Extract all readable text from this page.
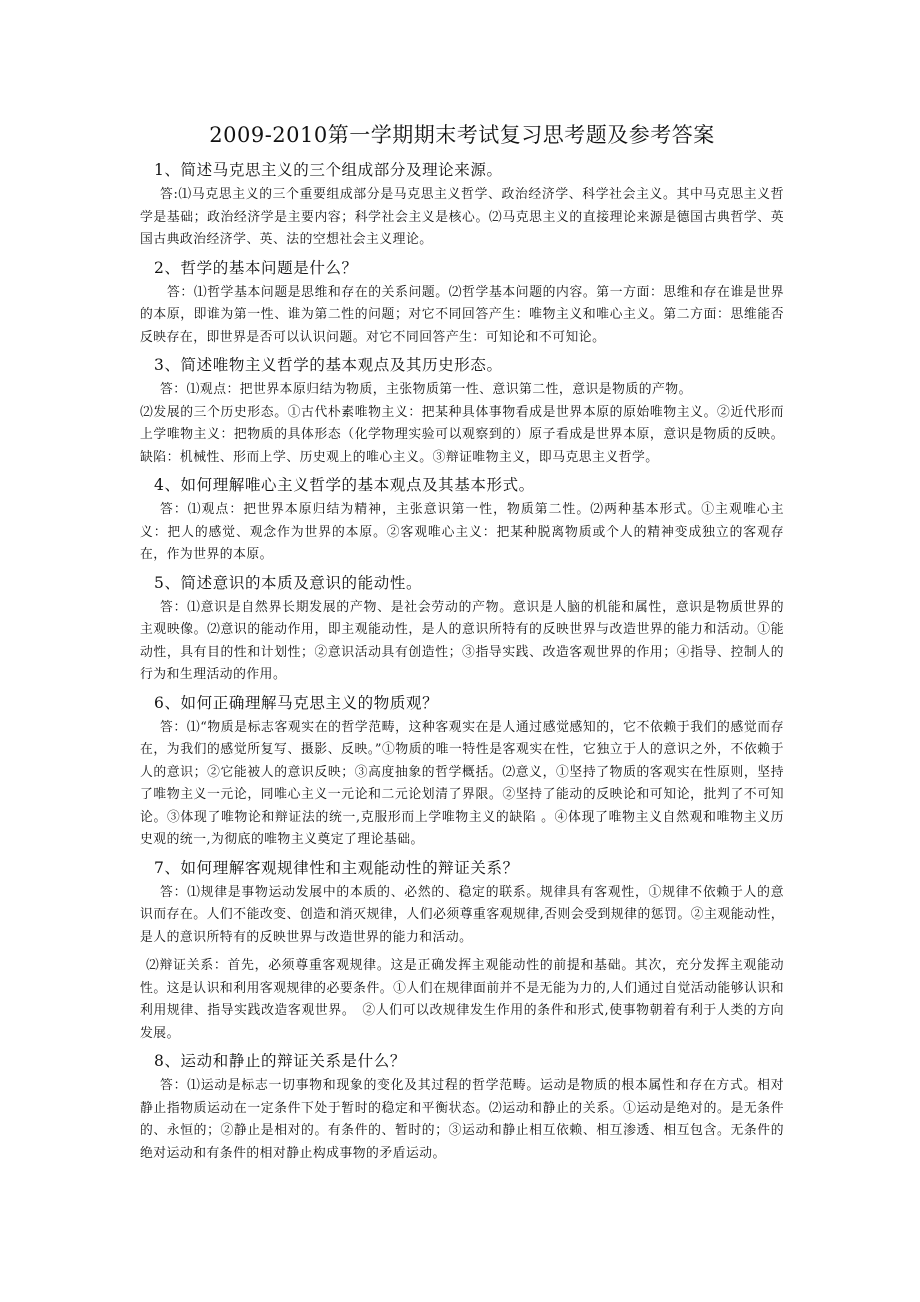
2009-2010第一学期期末考试复习思考题及参考答案

1、简述马克思主义的三个组成部分及理论来源。

答:⑴马克思主义的三个重要组成部分是马克思主义哲学、政治经济学、科学社会主义。其中马克思主义哲学是基础；政治经济学是主要内容；科学社会主义是核心。⑵马克思主义的直接理论来源是德国古典哲学、英国古典政治经济学、英、法的空想社会主义理论。

2、哲学的基本问题是什么？

答：⑴哲学基本问题是思维和存在的关系问题。⑵哲学基本问题的内容。第一方面：思维和存在谁是世界的本原，即谁为第一性、谁为第二性的问题；对它不同回答产生：唯物主义和唯心主义。第二方面：思维能否反映存在，即世界是否可以认识问题。对它不同回答产生：可知论和不可知论。

3、简述唯物主义哲学的基本观点及其历史形态。

答：⑴观点：把世界本原归结为物质，主张物质第一性、意识第二性，意识是物质的产物。

⑵发展的三个历史形态。①古代朴素唯物主义：把某种具体事物看成是世界本原的原始唯物主义。②近代形而上学唯物主义：把物质的具体形态（化学物理实验可以观察到的）原子看成是世界本原，意识是物质的反映。缺陷：机械性、形而上学、历史观上的唯心主义。③辩证唯物主义，即马克思主义哲学。

4、如何理解唯心主义哲学的基本观点及其基本形式。

答：⑴观点：把世界本原归结为精神，主张意识第一性，物质第二性。⑵两种基本形式。①主观唯心主义：把人的感觉、观念作为世界的本原。②客观唯心主义：把某种脱离物质或个人的精神变成独立的客观存在，作为世界的本原。

5、简述意识的本质及意识的能动性。

答：⑴意识是自然界长期发展的产物、是社会劳动的产物。意识是人脑的机能和属性，意识是物质世界的主观映像。⑵意识的能动作用，即主观能动性，是人的意识所特有的反映世界与改造世界的能力和活动。①能动性，具有目的性和计划性；②意识活动具有创造性；③指导实践、改造客观世界的作用；④指导、控制人的行为和生理活动的作用。

6、如何正确理解马克思主义的物质观？

答：⑴“物质是标志客观实在的哲学范畴，这种客观实在是人通过感觉感知的，它不依赖于我们的感觉而存在，为我们的感觉所复写、摄影、反映。”①物质的唯一特性是客观实在性，它独立于人的意识之外，不依赖于人的意识；②它能被人的意识反映；③高度抽象的哲学概括。⑵意义，①坚持了物质的客观实在性原则，坚持了唯物主义一元论，同唯心主义一元论和二元论划清了界限。②坚持了能动的反映论和可知论，批判了不可知论。③体现了唯物论和辩证法的统一,克服形而上学唯物主义的缺陷 。④体现了唯物主义自然观和唯物主义历史观的统一,为彻底的唯物主义奠定了理论基础。

7、如何理解客观规律性和主观能动性的辩证关系？

答：⑴规律是事物运动发展中的本质的、必然的、稳定的联系。规律具有客观性，①规律不依赖于人的意识而存在。人们不能改变、创造和消灭规律，人们必须尊重客观规律,否则会受到规律的惩罚。②主观能动性，是人的意识所特有的反映世界与改造世界的能力和活动。

⑵辩证关系：首先，必须尊重客观规律。这是正确发挥主观能动性的前提和基础。其次，充分发挥主观能动性。这是认识和利用客观规律的必要条件。①人们在规律面前并不是无能为力的,人们通过自觉活动能够认识和利用规律、指导实践改造客观世界。　②人们可以改规律发生作用的条件和形式,使事物朝着有利于人类的方向发展。

8、运动和静止的辩证关系是什么？

答：⑴运动是标志一切事物和现象的变化及其过程的哲学范畴。运动是物质的根本属性和存在方式。相对静止指物质运动在一定条件下处于暂时的稳定和平衡状态。⑵运动和静止的关系。①运动是绝对的。是无条件的、永恒的；②静止是相对的。有条件的、暂时的；③运动和静止相互依赖、相互渗透、相互包含。无条件的绝对运动和有条件的相对静止构成事物的矛盾运动。
